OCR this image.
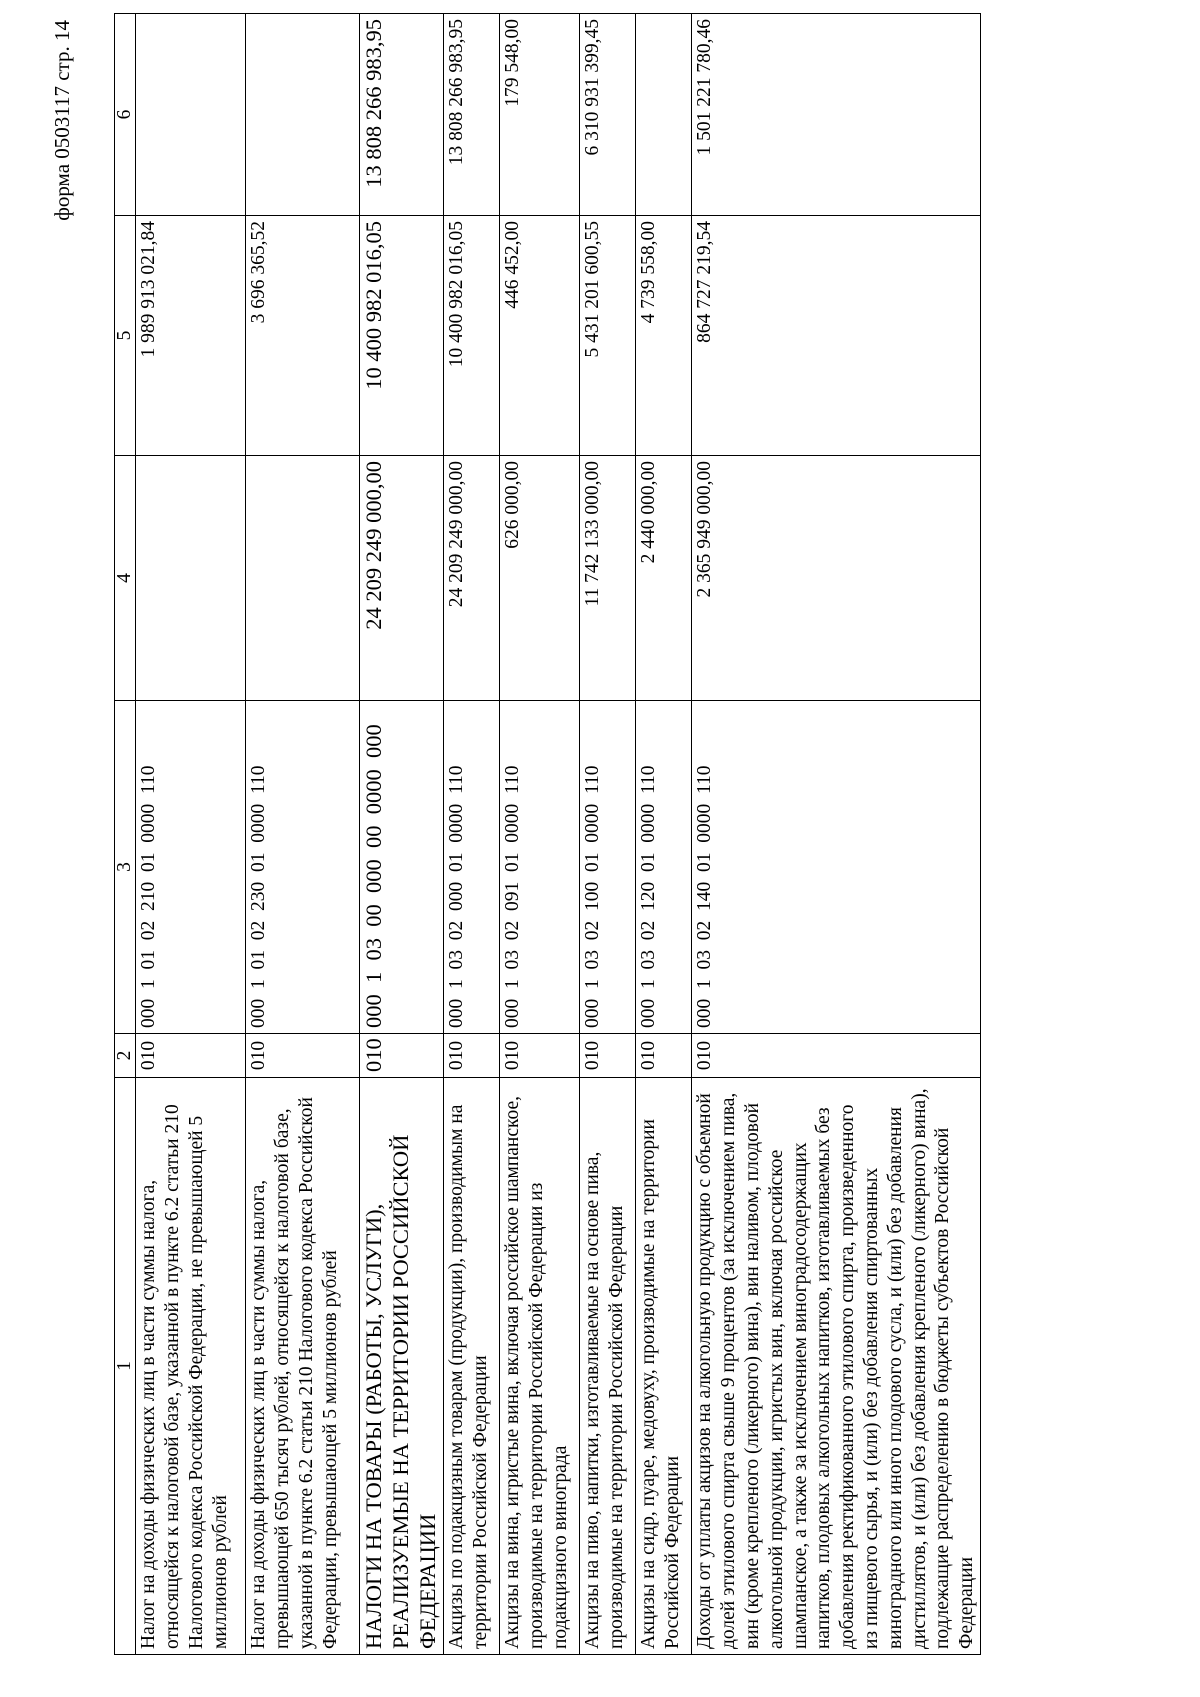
форма 0503117 стр. 14
1	2	3	4	5	6
Налог на доходы физических лиц в части суммы налога, относящейся к налоговой базе, указанной в пункте 6.2 статьи 210 Налогового кодекса Российской Федерации, не превышающей 5 миллионов рублей	010	000  1  01  02  210  01  0000  110		1 989 913 021,84	
Налог на доходы физических лиц в части суммы налога, превышающей 650 тысяч рублей, относящейся к налоговой базе, указанной в пункте 6.2 статьи 210 Налогового кодекса Российской Федерации, превышающей 5 миллионов рублей	010	000  1  01  02  230  01  0000  110		3 696 365,52	
НАЛОГИ НА ТОВАРЫ (РАБОТЫ, УСЛУГИ), РЕАЛИЗУЕМЫЕ НА ТЕРРИТОРИИ РОССИЙСКОЙ ФЕДЕРАЦИИ	010	000  1  03  00  000  00  0000  000	24 209 249 000,00	10 400 982 016,05	13 808 266 983,95
Акцизы по подакцизным товарам (продукции), производимым на территории Российской Федерации	010	000  1  03  02  000  01  0000  110	24 209 249 000,00	10 400 982 016,05	13 808 266 983,95
Акцизы на вина, игристые вина, включая российское шампанское, производимые на территории Российской Федерации из подакцизного винограда	010	000  1  03  02  091  01  0000  110	626 000,00	446 452,00	179 548,00
Акцизы на пиво, напитки, изготавливаемые на основе пива, производимые на территории Российской Федерации	010	000  1  03  02  100  01  0000  110	11 742 133 000,00	5 431 201 600,55	6 310 931 399,45
Акцизы на сидр, пуаре, медовуху, производимые на территории Российской Федерации	010	000  1  03  02  120  01  0000  110	2 440 000,00	4 739 558,00	
Доходы от уплаты акцизов на алкогольную продукцию с объемной долей этилового спирта свыше 9 процентов (за исключением пива, вин (кроме крепленого (ликерного) вина), вин наливом, плодовой алкогольной продукции, игристых вин, включая российское шампанское, а также за исключением виноградосодержащих напитков, плодовых алкогольных напитков, изготавливаемых без добавления ректификованного этилового спирта, произведенного из пищевого сырья, и (или) без добавления спиртованных виноградного или иного плодового сусла, и (или) без добавления дистиллятов, и (или) без добавления крепленого (ликерного) вина), подлежащие распределению в бюджеты субъектов Российской Федерации	010	000  1  03  02  140  01  0000  110	2 365 949 000,00	864 727 219,54	1 501 221 780,46
